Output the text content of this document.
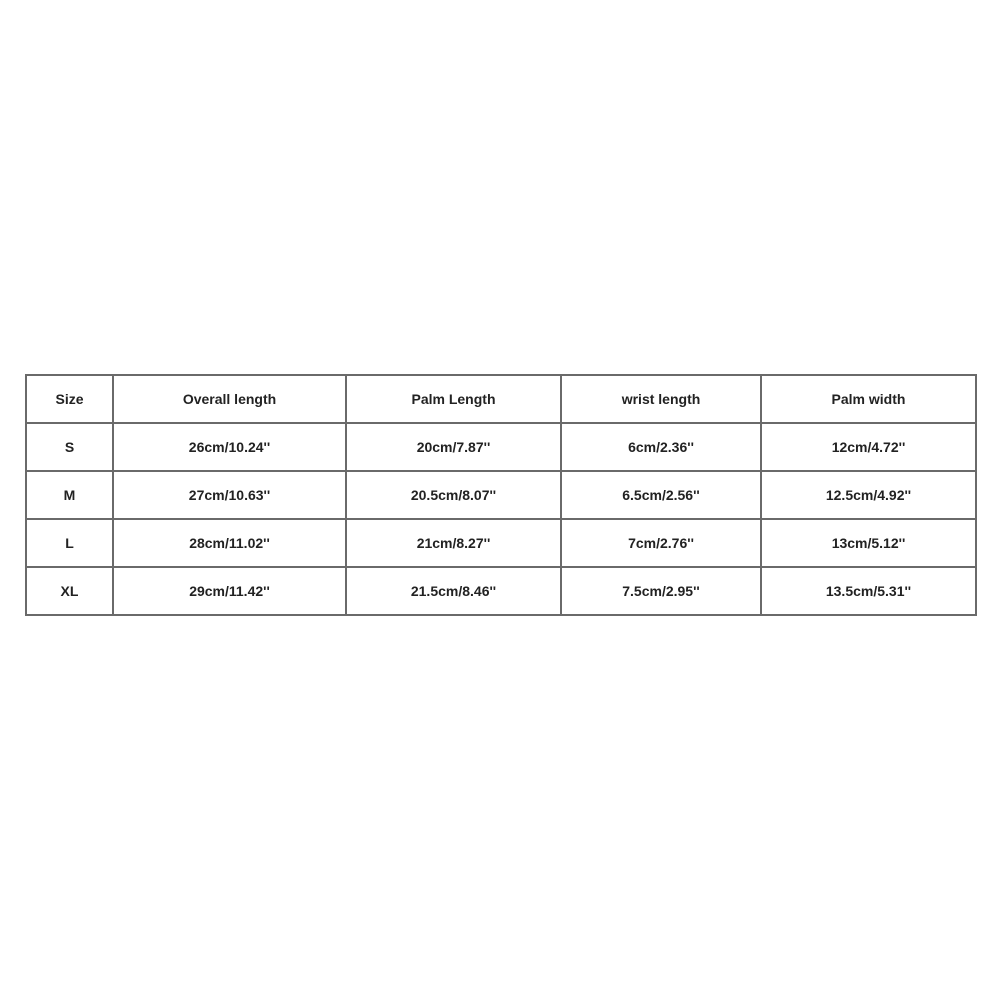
Size	Overall length	Palm Length	wrist length	Palm width
S	26cm/10.24''	20cm/7.87''	6cm/2.36''	12cm/4.72''
M	27cm/10.63''	20.5cm/8.07''	6.5cm/2.56''	12.5cm/4.92''
L	28cm/11.02''	21cm/8.27''	7cm/2.76''	13cm/5.12''
XL	29cm/11.42''	21.5cm/8.46''	7.5cm/2.95''	13.5cm/5.31''
